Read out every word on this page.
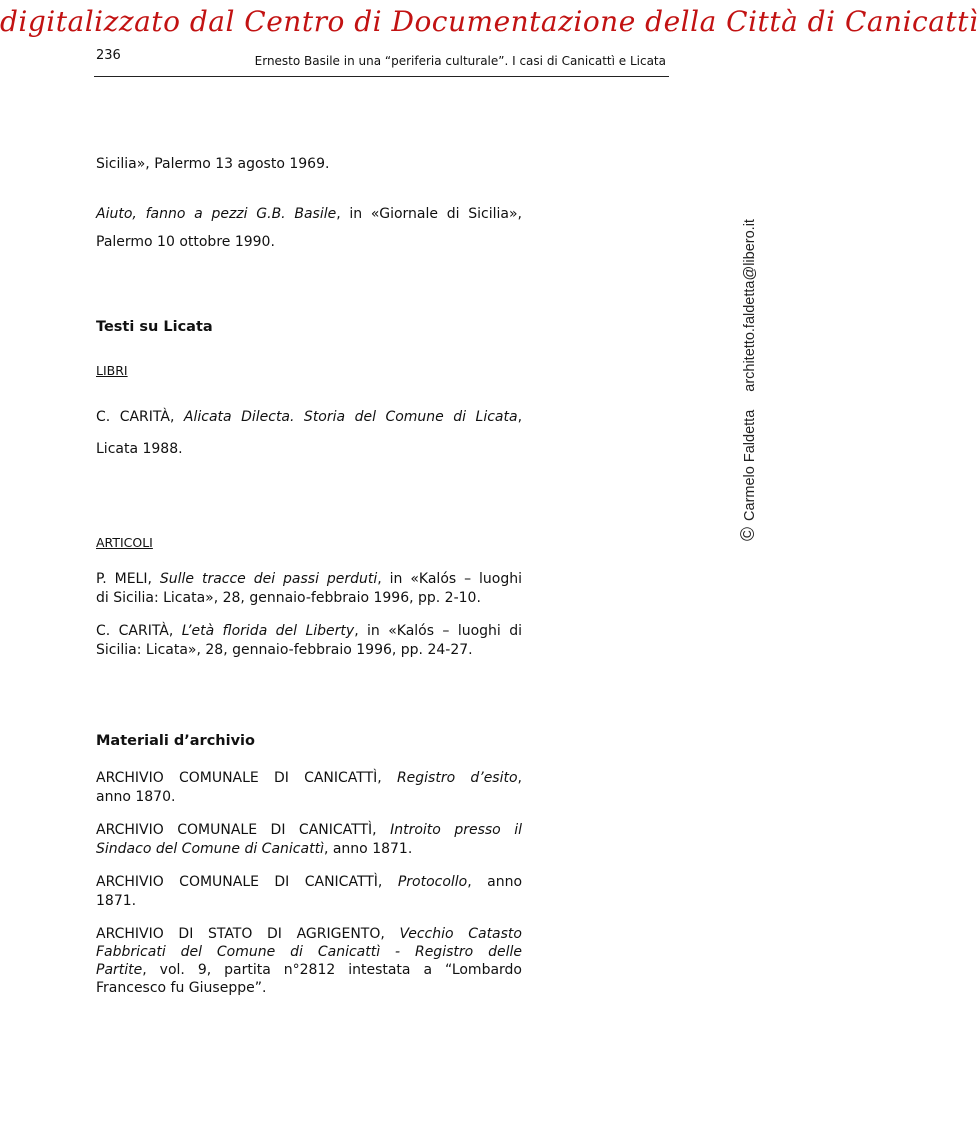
digitalizzato dal Centro di Documentazione della Città di Canicattì
236	Ernesto Basile in una “periferia culturale”. I casi di Canicattì e Licata
©Carmelo Faldettaarchitetto.faldetta@libero.it
Sicilia», Palermo 13 agosto 1969.
Aiuto, fanno a pezzi G.B. Basile, in «Giornale di Sicilia»,
Palermo 10 ottobre 1990.
Testi su Licata
LIBRI
C. CARITÀ, Alicata Dilecta. Storia del Comune di Licata,
Licata 1988.
ARTICOLI
P. MELI, Sulle tracce dei passi perduti, in «Kalós – luoghi
di Sicilia: Licata», 28, gennaio-febbraio 1996, pp. 2-10.
C. CARITÀ, L’età florida del Liberty, in «Kalós – luoghi di
Sicilia: Licata», 28, gennaio-febbraio 1996, pp. 24-27.
Materiali d’archivio
ARCHIVIO COMUNALE DI CANICATTÌ, Registro d’esito,
anno 1870.
ARCHIVIO COMUNALE DI CANICATTÌ, Introito presso il
Sindaco del Comune di Canicattì, anno 1871.
ARCHIVIO COMUNALE DI CANICATTÌ, Protocollo, anno
1871.
ARCHIVIO DI STATO DI AGRIGENTO, Vecchio Catasto
Fabbricati del Comune di Canicattì - Registro delle
Partite, vol. 9, partita n°2812 intestata a “Lombardo
Francesco fu Giuseppe”.
